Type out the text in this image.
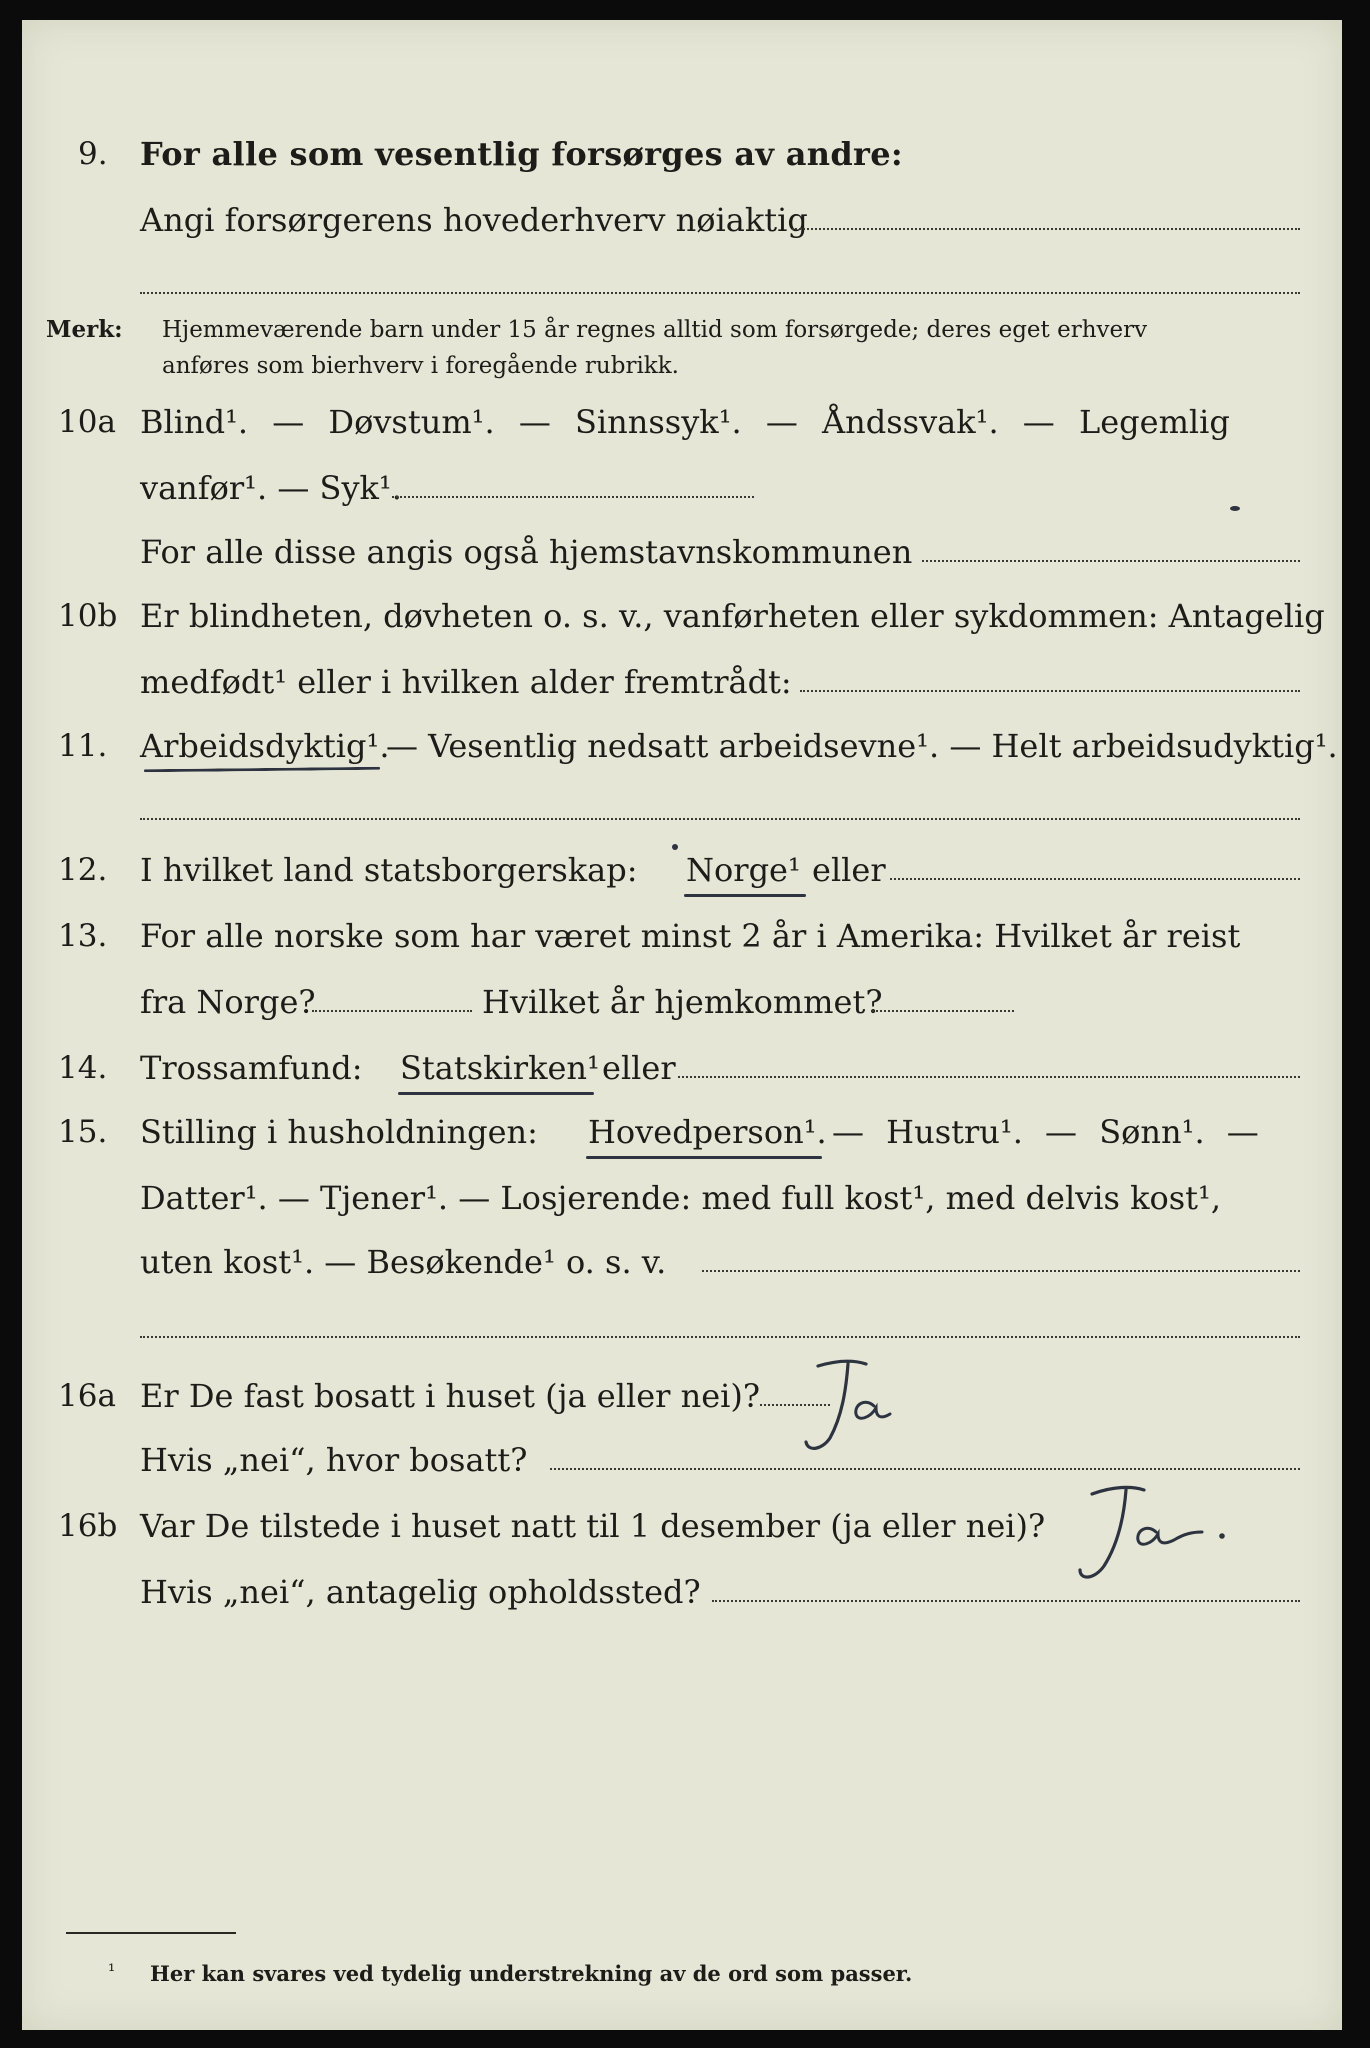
9. For alle som vesentlig forsørges av andre:
Angi forsørgerens hovederhverv nøiaktig
Merk: Hjemmeværende barn under 15 år regnes alltid som forsørgede; deres eget erhverv
anføres som bierhverv i foregående rubrikk.
10a Blind¹. — Døvstum¹. — Sinnssyk¹. — Åndssvak¹. — Legemlig
vanfør¹. — Syk¹.
For alle disse angis også hjemstavnskommunen
10b Er blindheten, døvheten o. s. v., vanførheten eller sykdommen: Antagelig
medfødt¹ eller i hvilken alder fremtrådt:
11. Arbeidsdyktig¹.
— Vesentlig nedsatt arbeidsevne¹. — Helt arbeidsudyktig¹.
12. I hvilket land statsborgerskap: Norge¹ eller
13. For alle norske som har været minst 2 år i Amerika: Hvilket år reist
fra Norge?	Hvilket år hjemkommet?
14. Trossamfund: Statskirken¹ eller
15. Stilling i husholdningen: Hovedperson¹. — Hustru¹. — Sønn¹. —
Datter¹. — Tjener¹. — Losjerende: med full kost¹, med delvis kost¹,
uten kost¹. — Besøkende¹ o. s. v.
16a Er De fast bosatt i huset (ja eller nei)?
Hvis „nei“, hvor bosatt?
16b Var De tilstede i huset natt til 1 desember (ja eller nei)?
Hvis „nei“, antagelig opholdssted?
¹ Her kan svares ved tydelig understrekning av de ord som passer.
